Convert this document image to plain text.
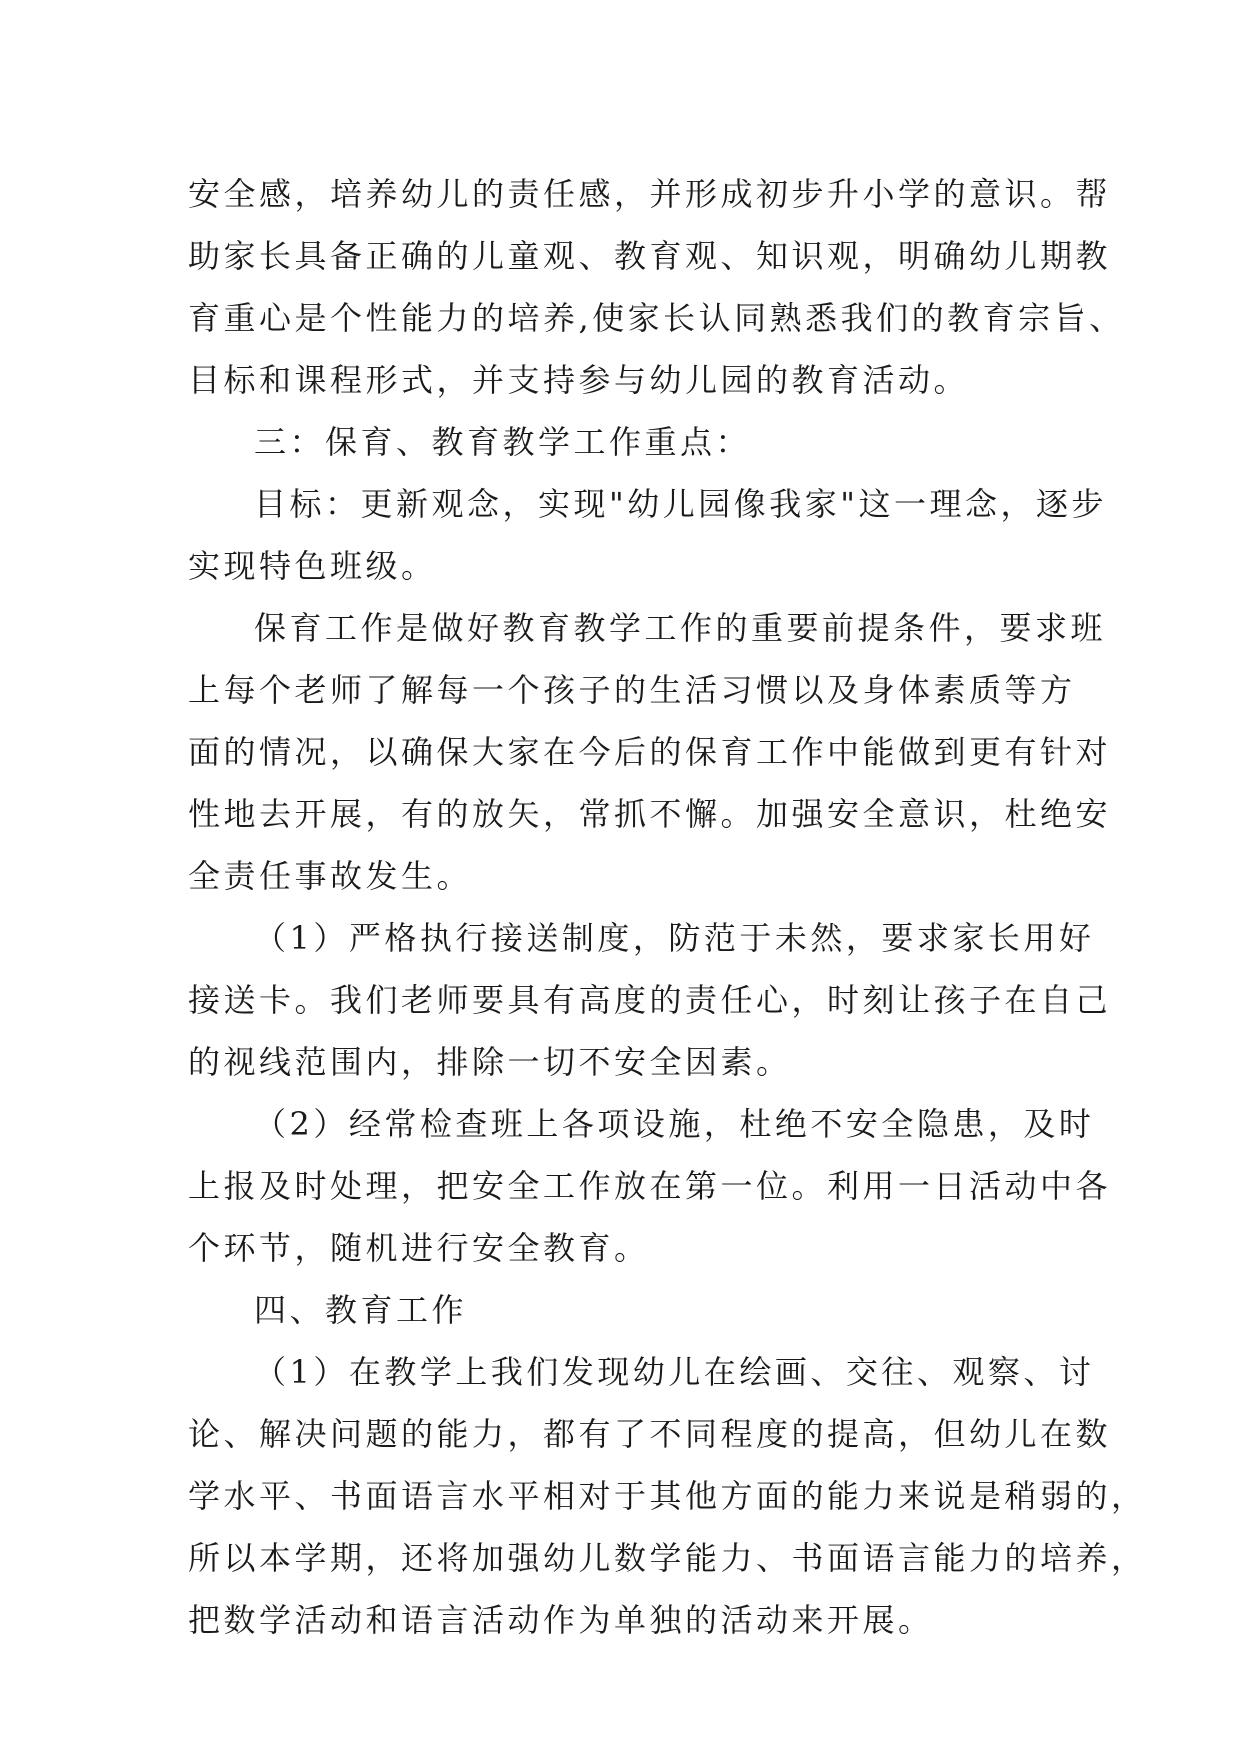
安全感，培养幼儿的责任感，并形成初步升小学的意识。帮
助家长具备正确的儿童观、教育观、知识观，明确幼儿期教
育重心是个性能力的培养,使家长认同熟悉我们的教育宗旨、
目标和课程形式，并支持参与幼儿园的教育活动。
三：保育、教育教学工作重点：
目标：更新观念，实现"幼儿园像我家"这一理念，逐步
实现特色班级。
保育工作是做好教育教学工作的重要前提条件，要求班
上每个老师了解每一个孩子的生活习惯以及身体素质等方
面的情况，以确保大家在今后的保育工作中能做到更有针对
性地去开展，有的放矢，常抓不懈。加强安全意识，杜绝安
全责任事故发生。
（1）严格执行接送制度，防范于未然，要求家长用好
接送卡。我们老师要具有高度的责任心，时刻让孩子在自己
的视线范围内，排除一切不安全因素。
（2）经常检查班上各项设施，杜绝不安全隐患，及时
上报及时处理，把安全工作放在第一位。利用一日活动中各
个环节，随机进行安全教育。
四、教育工作
（1）在教学上我们发现幼儿在绘画、交往、观察、讨
论、解决问题的能力，都有了不同程度的提高，但幼儿在数
学水平、书面语言水平相对于其他方面的能力来说是稍弱的，
所以本学期，还将加强幼儿数学能力、书面语言能力的培养，
把数学活动和语言活动作为单独的活动来开展。
